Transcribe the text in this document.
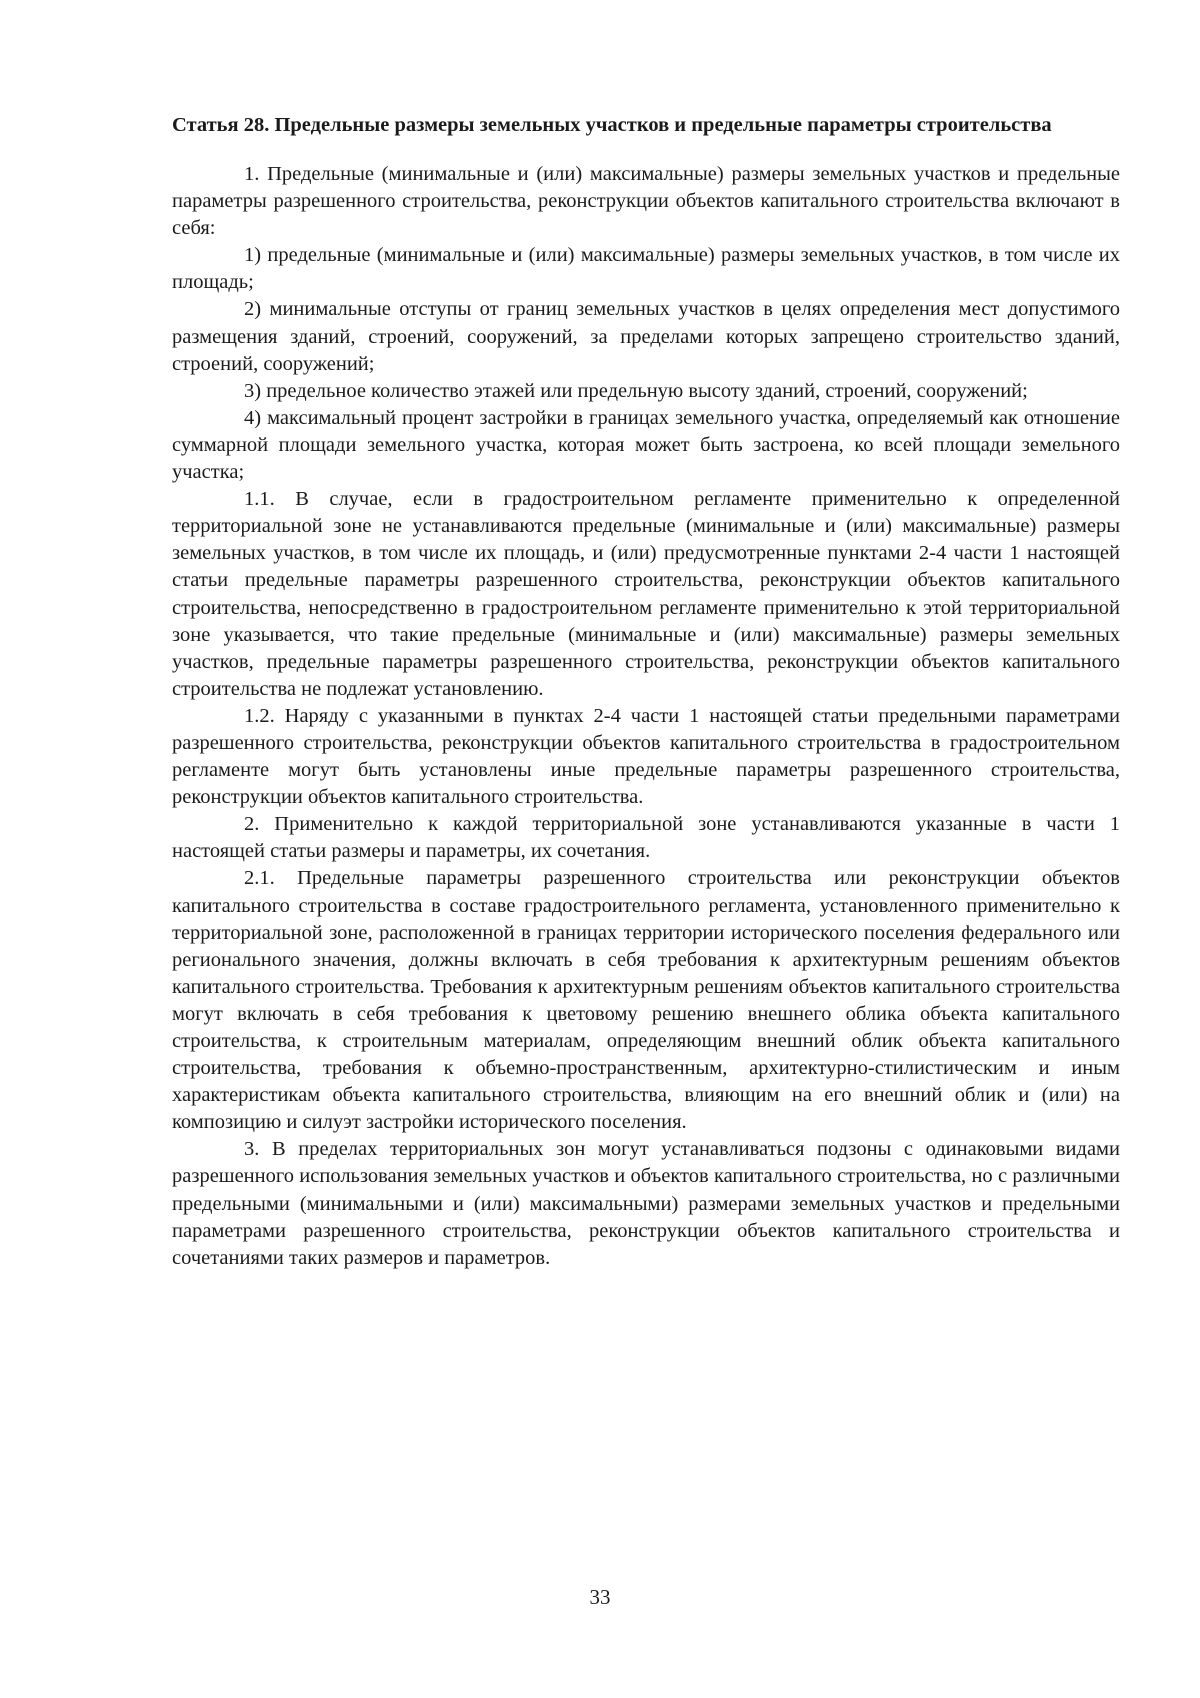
Статья 28. Предельные размеры земельных участков и предельные параметры строительства

1. Предельные (минимальные и (или) максимальные) размеры земельных участков и предельные параметры разрешенного строительства, реконструкции объектов капитального строительства включают в себя:

1) предельные (минимальные и (или) максимальные) размеры земельных участков, в том числе их площадь;

2) минимальные отступы от границ земельных участков в целях определения мест допустимого размещения зданий, строений, сооружений, за пределами которых запрещено строительство зданий, строений, сооружений;

3) предельное количество этажей или предельную высоту зданий, строений, сооружений;

4) максимальный процент застройки в границах земельного участка, определяемый как отношение суммарной площади земельного участка, которая может быть застроена, ко всей площади земельного участка;

1.1. В случае, если в градостроительном регламенте применительно к определенной территориальной зоне не устанавливаются предельные (минимальные и (или) максимальные) размеры земельных участков, в том числе их площадь, и (или) предусмотренные пунктами 2-4 части 1 настоящей статьи предельные параметры разрешенного строительства, реконструкции объектов капитального строительства, непосредственно в градостроительном регламенте применительно к этой территориальной зоне указывается, что такие предельные (минимальные и (или) максимальные) размеры земельных участков, предельные параметры разрешенного строительства, реконструкции объектов капитального строительства не подлежат установлению.

1.2. Наряду с указанными в пунктах 2-4 части 1 настоящей статьи предельными параметрами разрешенного строительства, реконструкции объектов капитального строительства в градостроительном регламенте могут быть установлены иные предельные параметры разрешенного строительства, реконструкции объектов капитального строительства.

2. Применительно к каждой территориальной зоне устанавливаются указанные в части 1 настоящей статьи размеры и параметры, их сочетания.

2.1. Предельные параметры разрешенного строительства или реконструкции объектов капитального строительства в составе градостроительного регламента, установленного применительно к территориальной зоне, расположенной в границах территории исторического поселения федерального или регионального значения, должны включать в себя требования к архитектурным решениям объектов капитального строительства. Требования к архитектурным решениям объектов капитального строительства могут включать в себя требования к цветовому решению внешнего облика объекта капитального строительства, к строительным материалам, определяющим внешний облик объекта капитального строительства, требования к объемно-пространственным, архитектурно-стилистическим и иным характеристикам объекта капитального строительства, влияющим на его внешний облик и (или) на композицию и силуэт застройки исторического поселения.

3. В пределах территориальных зон могут устанавливаться подзоны с одинаковыми видами разрешенного использования земельных участков и объектов капитального строительства, но с различными предельными (минимальными и (или) максимальными) размерами земельных участков и предельными параметрами разрешенного строительства, реконструкции объектов капитального строительства и сочетаниями таких размеров и параметров.

33
